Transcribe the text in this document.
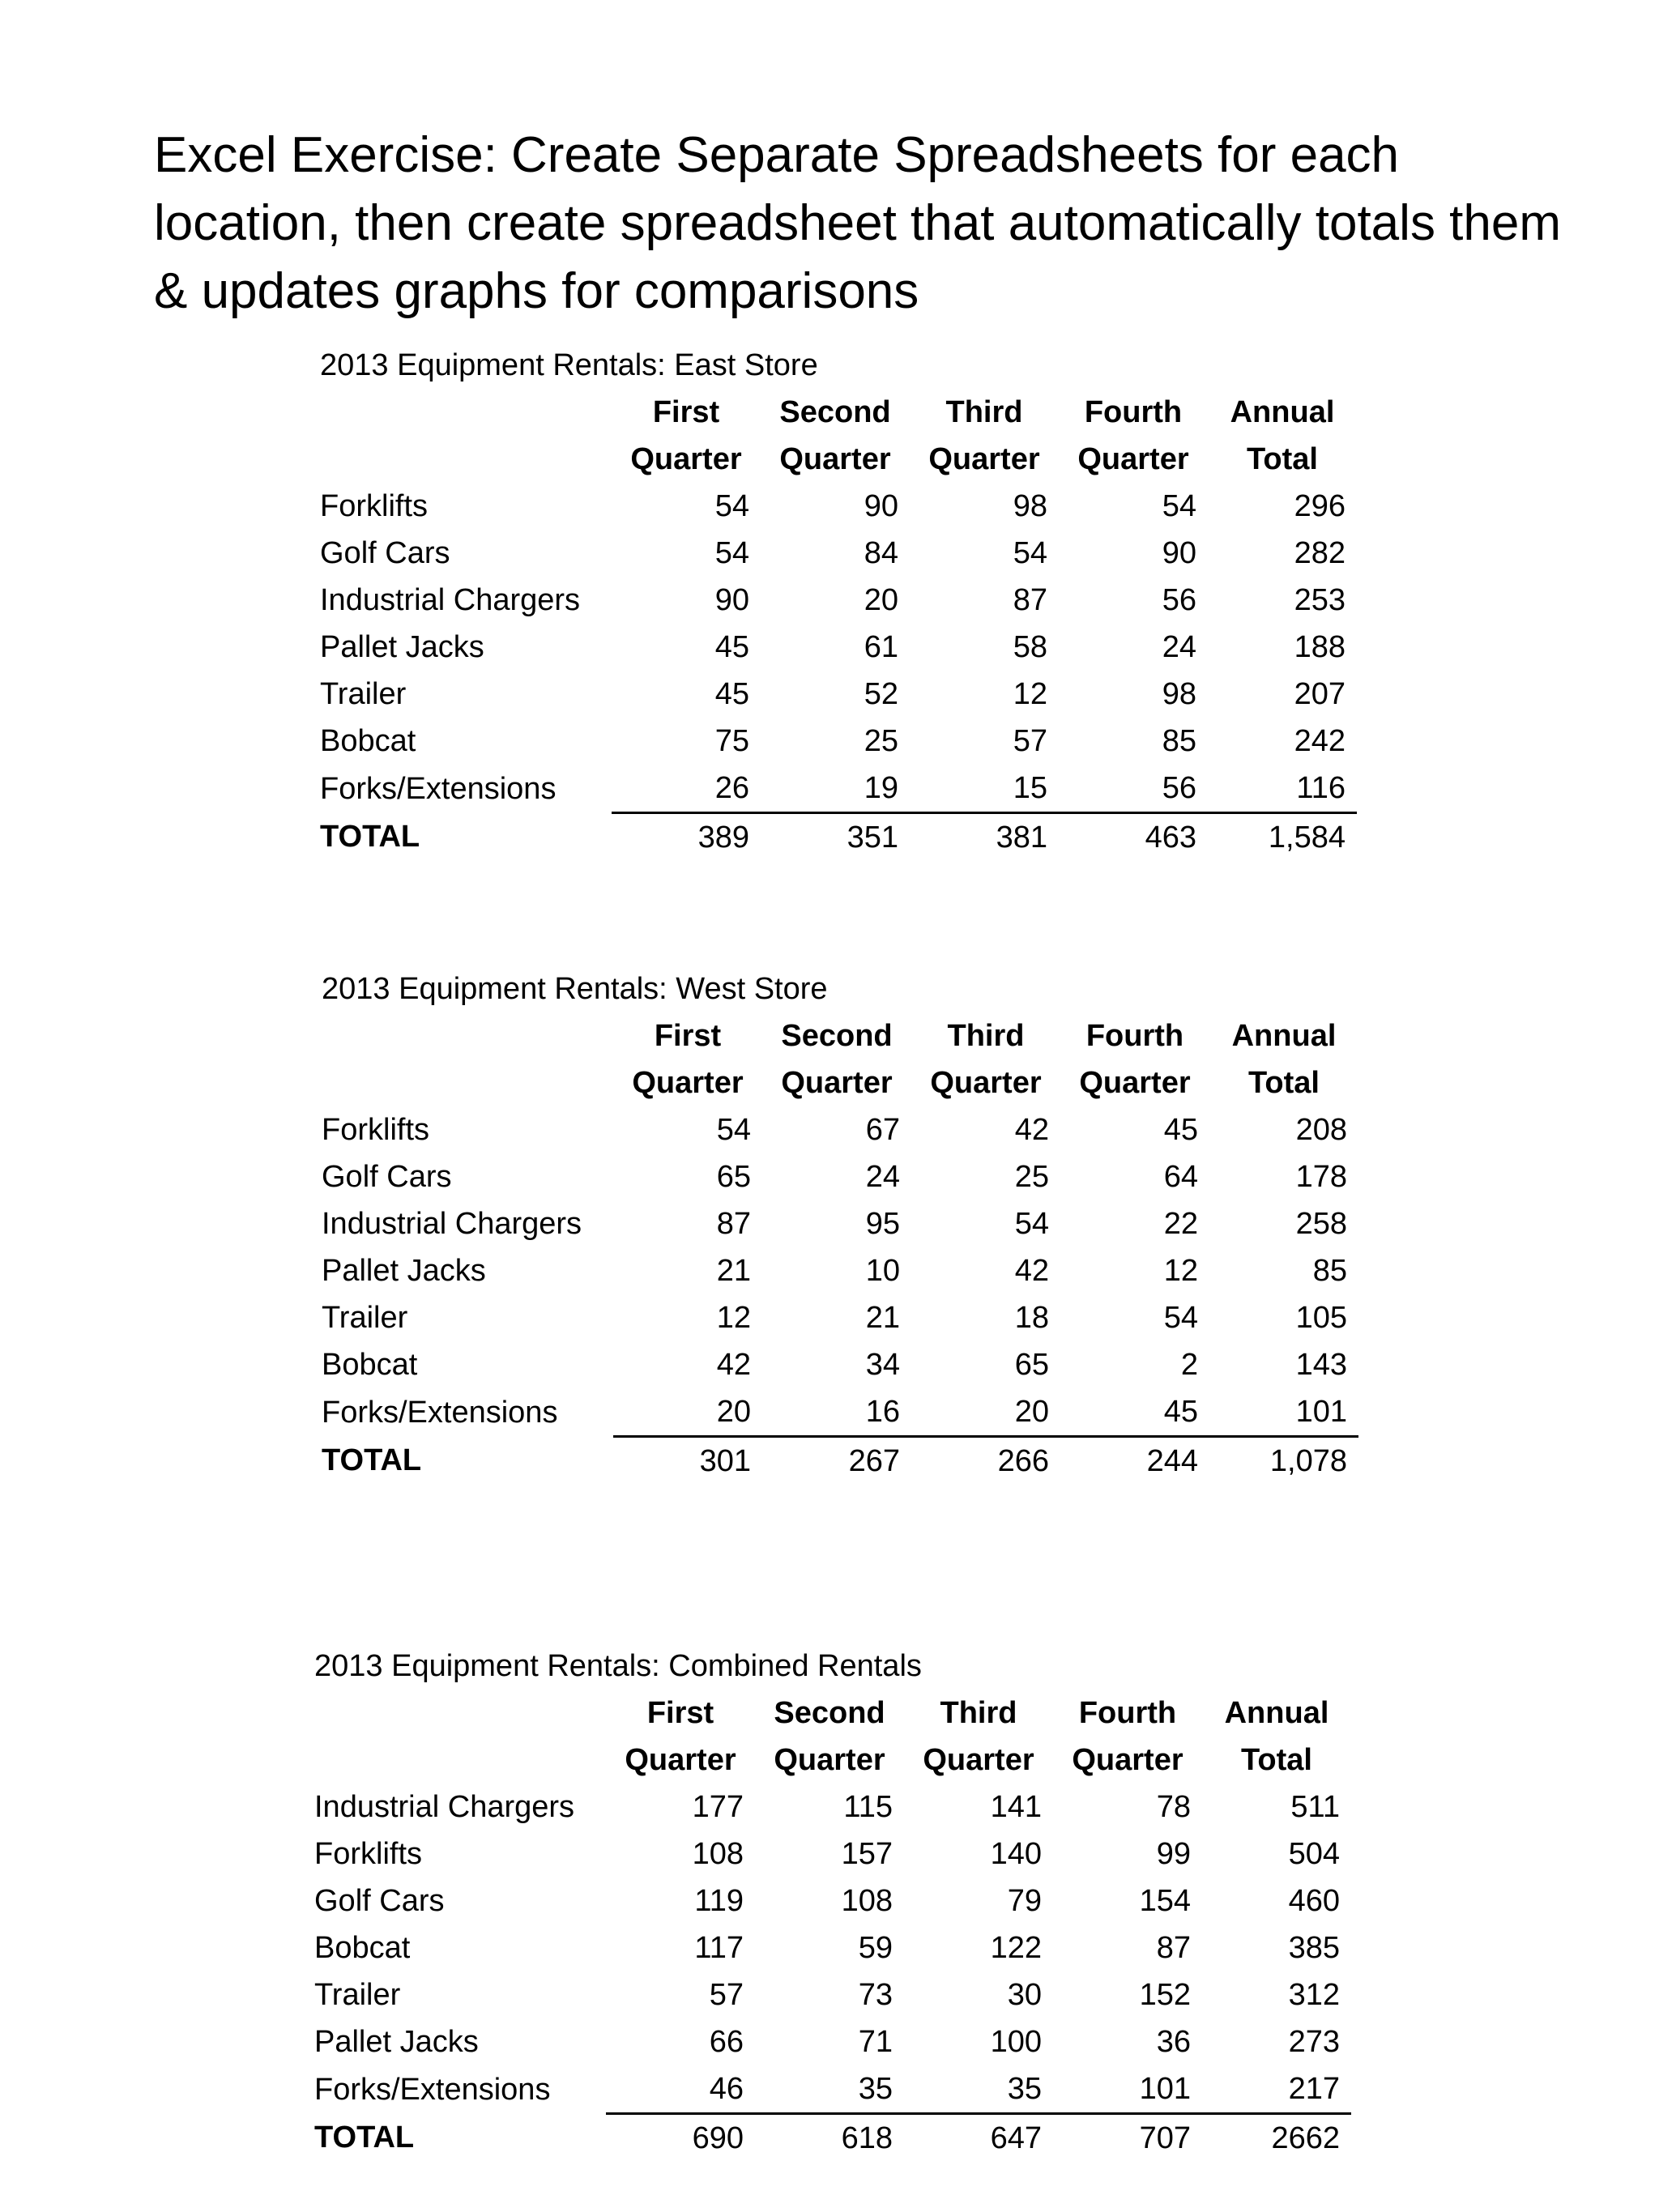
Excel Exercise: Create Separate Spreadsheets for each location, then create spreadsheet that automatically totals them & updates graphs for comparisons
2013 Equipment Rentals: East Store
First	Second	Third	Fourth	Annual
Quarter	Quarter	Quarter	Quarter	Total
Forklifts	54	90	98	54	296
Golf Cars	54	84	54	90	282
Industrial Chargers	90	20	87	56	253
Pallet Jacks	45	61	58	24	188
Trailer	45	52	12	98	207
Bobcat	75	25	57	85	242
Forks/Extensions	26	19	15	56	116
TOTAL	389	351	381	463	1,584
2013 Equipment Rentals: West Store
First	Second	Third	Fourth	Annual
Quarter	Quarter	Quarter	Quarter	Total
Forklifts	54	67	42	45	208
Golf Cars	65	24	25	64	178
Industrial Chargers	87	95	54	22	258
Pallet Jacks	21	10	42	12	85
Trailer	12	21	18	54	105
Bobcat	42	34	65	2	143
Forks/Extensions	20	16	20	45	101
TOTAL	301	267	266	244	1,078
2013 Equipment Rentals: Combined Rentals
First	Second	Third	Fourth	Annual
Quarter	Quarter	Quarter	Quarter	Total
Industrial Chargers	177	115	141	78	511
Forklifts	108	157	140	99	504
Golf Cars	119	108	79	154	460
Bobcat	117	59	122	87	385
Trailer	57	73	30	152	312
Pallet Jacks	66	71	100	36	273
Forks/Extensions	46	35	35	101	217
TOTAL	690	618	647	707	2662
